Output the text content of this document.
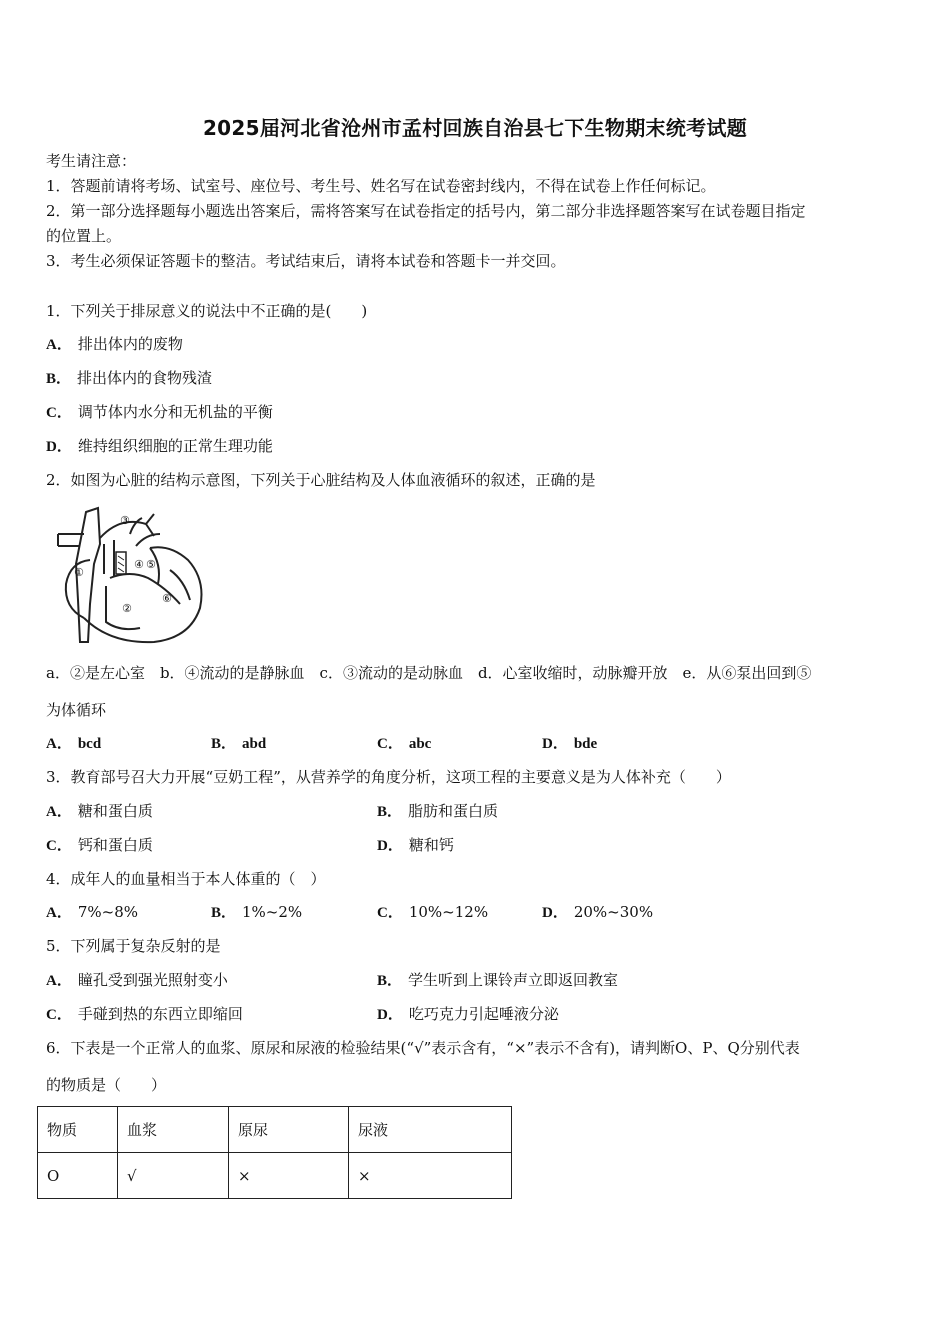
2025届河北省沧州市孟村回族自治县七下生物期末统考试题
考生请注意：
1．答题前请将考场、试室号、座位号、考生号、姓名写在试卷密封线内，不得在试卷上作任何标记。
2．第一部分选择题每小题选出答案后，需将答案写在试卷指定的括号内，第二部分非选择题答案写在试卷题目指定
的位置上。
3．考生必须保证答题卡的整洁。考试结束后，请将本试卷和答题卡一并交回。
1．下列关于排尿意义的说法中不正确的是(　　)
A． 排出体内的废物
B． 排出体内的食物残渣
C． 调节体内水分和无机盐的平衡
D． 维持组织细胞的正常生理功能
2．如图为心脏的结构示意图，下列关于心脏结构及人体血液循环的叙述，正确的是
③
①
②
④ ⑤
⑥
a．②是左心室　b．④流动的是静脉血　c．③流动的是动脉血　d．心室收缩时，动脉瓣开放　e．从⑥泵出回到⑤
为体循环
A． bcd	B． abd	C． abc	D． bde
3．教育部号召大力开展“豆奶工程”，从营养学的角度分析，这项工程的主要意义是为人体补充（　　）
A． 糖和蛋白质	B． 脂肪和蛋白质
C． 钙和蛋白质	D． 糖和钙
4．成年人的血量相当于本人体重的（　）
A． 7%~8%	B． 1%~2%	C． 10%~12%	D． 20%~30%
5．下列属于复杂反射的是
A． 瞳孔受到强光照射变小	B． 学生听到上课铃声立即返回教室
C． 手碰到热的东西立即缩回	D． 吃巧克力引起唾液分泌
6．下表是一个正常人的血浆、原尿和尿液的检验结果(“√”表示含有，“×”表示不含有)，请判断O、P、Q分别代表
的物质是（　　）
物质	血浆	原尿	尿液
O	√	×	×
